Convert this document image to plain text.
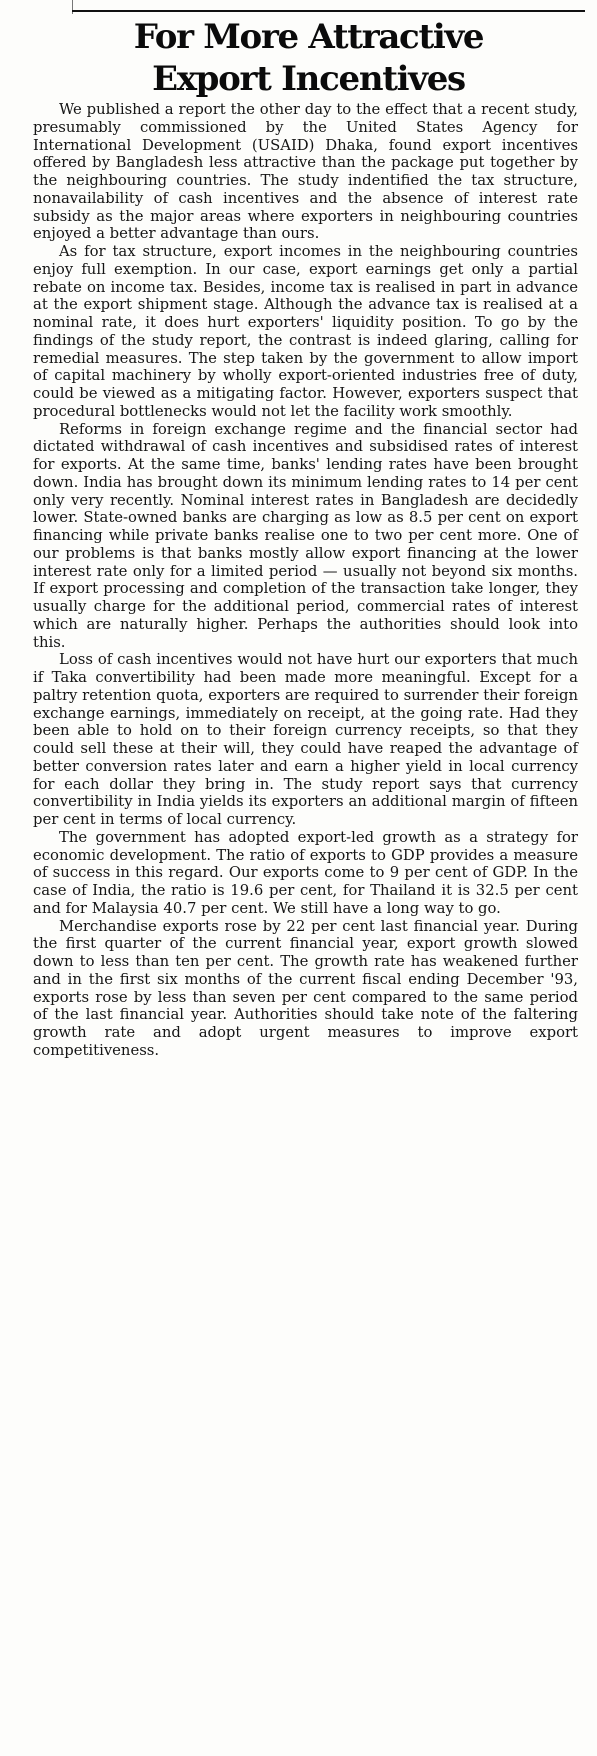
For More Attractive
Export Incentives

We published a report the other day to the effect that a recent study, presumably commissioned by the United States Agency for International Development (USAID) Dhaka, found export incentives offered by Bangladesh less attractive than the package put together by the neighbouring countries. The study indentified the tax structure, nonavailability of cash incentives and the absence of interest rate subsidy as the major areas where exporters in neighbouring countries enjoyed a better advantage than ours.

As for tax structure, export incomes in the neighbouring countries enjoy full exemption. In our case, export earnings get only a partial rebate on income tax. Besides, income tax is realised in part in advance at the export shipment stage. Although the advance tax is realised at a nominal rate, it does hurt exporters' liquidity position. To go by the findings of the study report, the contrast is indeed glaring, calling for remedial measures. The step taken by the government to allow import of capital machinery by wholly export-oriented industries free of duty, could be viewed as a mitigating factor. However, exporters suspect that procedural bottlenecks would not let the facility work smoothly.

Reforms in foreign exchange regime and the financial sector had dictated withdrawal of cash incentives and subsidised rates of interest for exports. At the same time, banks' lending rates have been brought down. India has brought down its minimum lending rates to 14 per cent only very recently. Nominal interest rates in Bangladesh are decidedly lower. State-owned banks are charging as low as 8.5 per cent on export financing while private banks realise one to two per cent more. One of our problems is that banks mostly allow export financing at the lower interest rate only for a limited period — usually not beyond six months. If export processing and completion of the transaction take longer, they usually charge for the additional period, commercial rates of interest which are naturally higher. Perhaps the authorities should look into this.

Loss of cash incentives would not have hurt our exporters that much if Taka convertibility had been made more meaningful. Except for a paltry retention quota, exporters are required to surrender their foreign exchange earnings, immediately on receipt, at the going rate. Had they been able to hold on to their foreign currency receipts, so that they could sell these at their will, they could have reaped the advantage of better conversion rates later and earn a higher yield in local currency for each dollar they bring in. The study report says that currency convertibility in India yields its exporters an additional margin of fifteen per cent in terms of local currency.

The government has adopted export-led growth as a strategy for economic development. The ratio of exports to GDP provides a measure of success in this regard. Our exports come to 9 per cent of GDP. In the case of India, the ratio is 19.6 per cent, for Thailand it is 32.5 per cent and for Malaysia 40.7 per cent. We still have a long way to go.

Merchandise exports rose by 22 per cent last financial year. During the first quarter of the current financial year, export growth slowed down to less than ten per cent. The growth rate has weakened further and in the first six months of the current fiscal ending December '93, exports rose by less than seven per cent compared to the same period of the last financial year. Authorities should take note of the faltering growth rate and adopt urgent measures to improve export competitiveness.
